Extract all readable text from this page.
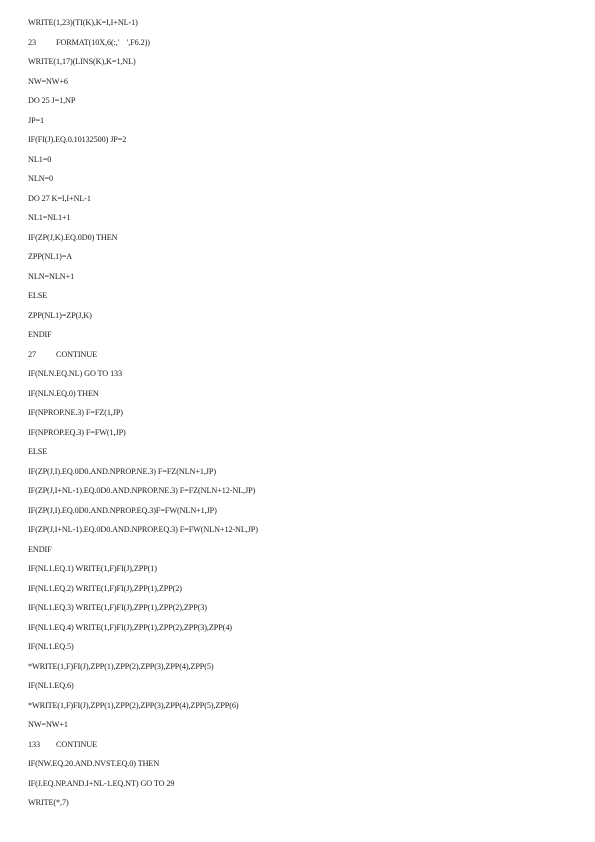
WRITE(1,23)(TI(K),K=I,I+NL-1)
23 FORMAT(10X,6(:,'    ',F6.2))
WRITE(1,17)(LINS(K),K=1,NL)
NW=NW+6
DO 25 J=1,NP
JP=1
IF(FI(J).EQ.0.10132500) JP=2
NL1=0
NLN=0
DO 27 K=I,I+NL-1
NL1=NL1+1
IF(ZP(J,K).EQ.0D0) THEN
ZPP(NL1)=A
NLN=NLN+1
ELSE
ZPP(NL1)=ZP(J,K)
ENDIF
27 CONTINUE
IF(NLN.EQ.NL) GO TO 133
IF(NLN.EQ.0) THEN
IF(NPROP.NE.3) F=FZ(1,JP)
IF(NPROP.EQ.3) F=FW(1,JP)
ELSE
IF(ZP(J,I).EQ.0D0.AND.NPROP.NE.3) F=FZ(NLN+1,JP)
IF(ZP(J,I+NL-1).EQ.0D0.AND.NPROP.NE.3) F=FZ(NLN+12-NL,JP)
IF(ZP(J,I).EQ.0D0.AND.NPROP.EQ.3)F=FW(NLN+1,JP)
IF(ZP(J,I+NL-1).EQ.0D0.AND.NPROP.EQ.3) F=FW(NLN+12-NL,JP)
ENDIF
IF(NL1.EQ.1) WRITE(1,F)FI(J),ZPP(1)
IF(NL1.EQ.2) WRITE(1,F)FI(J),ZPP(1),ZPP(2)
IF(NL1.EQ.3) WRITE(1,F)FI(J),ZPP(1),ZPP(2),ZPP(3)
IF(NL1.EQ.4) WRITE(1,F)FI(J),ZPP(1),ZPP(2),ZPP(3),ZPP(4)
IF(NL1.EQ.5)
*WRITE(1,F)FI(J),ZPP(1),ZPP(2),ZPP(3),ZPP(4),ZPP(5)
IF(NL1.EQ.6)
*WRITE(1,F)FI(J),ZPP(1),ZPP(2),ZPP(3),ZPP(4),ZPP(5),ZPP(6)
NW=NW+1
133 CONTINUE
IF(NW.EQ.20.AND.NVST.EQ.0) THEN
IF(J.EQ.NP.AND.I+NL-1.EQ.NT) GO TO 29
WRITE(*,7)
